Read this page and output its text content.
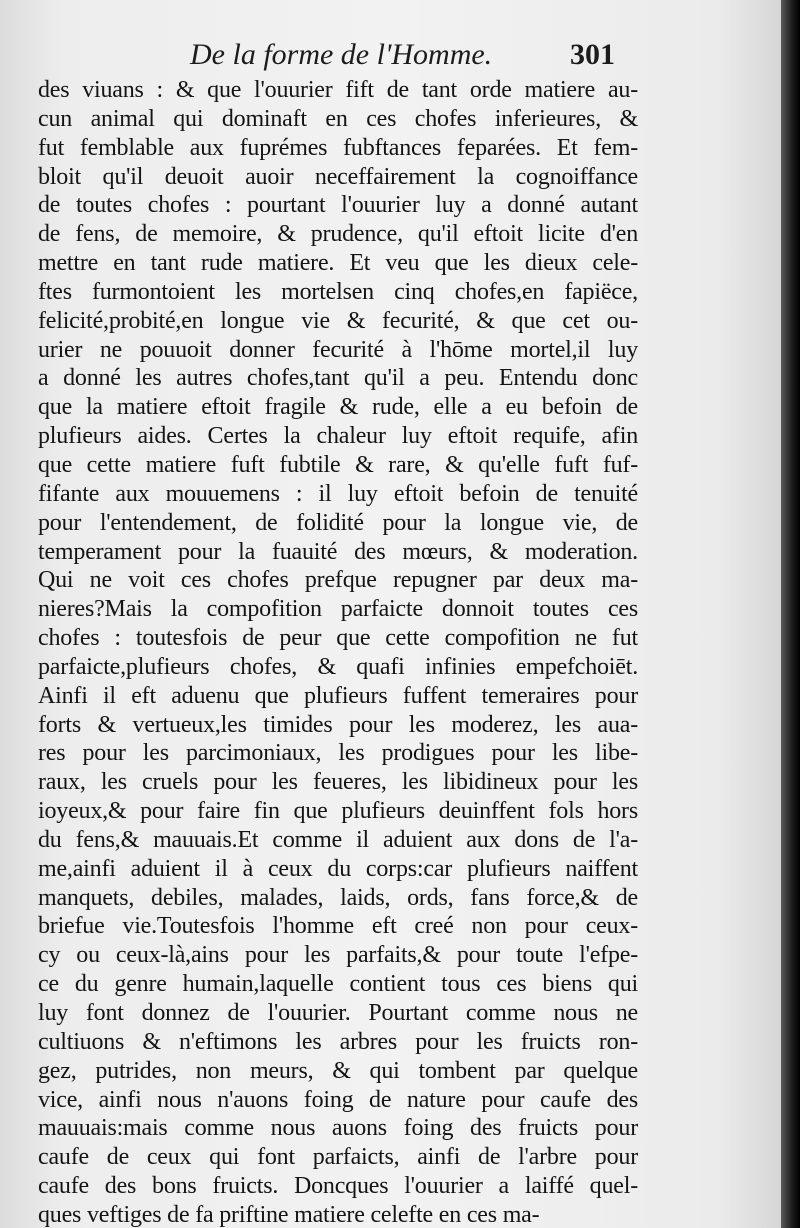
De la forme de l'Homme.	301
des viuans : & que l'ouurier fift de tant orde matiere au-
cun animal qui dominaft en ces chofes inferieures, &
fut femblable aux fuprémes fubftances feparées. Et fem-
bloit qu'il deuoit auoir neceffairement la cognoiffance
de toutes chofes : pourtant l'ouurier luy a donné autant
de fens, de memoire, & prudence, qu'il eftoit licite d'en
mettre en tant rude matiere. Et veu que les dieux cele-
ftes furmontoient les mortelsen cinq chofes,en fapiëce,
felicité,probité,en longue vie & fecurité, & que cet ou-
urier ne pouuoit donner fecurité à l'hōme mortel,il luy
a donné les autres chofes,tant qu'il a peu. Entendu donc
que la matiere eftoit fragile & rude, elle a eu befoin de
plufieurs aides. Certes la chaleur luy eftoit requife, afin
que cette matiere fuft fubtile & rare, & qu'elle fuft fuf-
fifante aux mouuemens : il luy eftoit befoin de tenuité
pour l'entendement, de folidité pour la longue vie, de
temperament pour la fuauité des mœurs, & moderation.
Qui ne voit ces chofes prefque repugner par deux ma-
nieres?Mais la compofition parfaicte donnoit toutes ces
chofes : toutesfois de peur que cette compofition ne fut
parfaicte,plufieurs chofes, & quafi infinies empefchoiēt.
Ainfi il eft aduenu que plufieurs fuffent temeraires pour
forts & vertueux,les timides pour les moderez, les aua-
res pour les parcimoniaux, les prodigues pour les libe-
raux, les cruels pour les feueres, les libidineux pour les
ioyeux,& pour faire fin que plufieurs deuinffent fols hors
du fens,& mauuais.Et comme il aduient aux dons de l'a-
me,ainfi aduient il à ceux du corps:car plufieurs naiffent
manquets, debiles, malades, laids, ords, fans force,& de
briefue vie.Toutesfois l'homme eft creé non pour ceux-
cy ou ceux-là,ains pour les parfaits,& pour toute l'efpe-
ce du genre humain,laquelle contient tous ces biens qui
luy font donnez de l'ouurier. Pourtant comme nous ne
cultiuons & n'eftimons les arbres pour les fruicts ron-
gez, putrides, non meurs, & qui tombent par quelque
vice, ainfi nous n'auons foing de nature pour caufe des
mauuais:mais comme nous auons foing des fruicts pour
caufe de ceux qui font parfaicts, ainfi de l'arbre pour
caufe des bons fruicts. Doncques l'ouurier a laiffé quel-
ques veftiges de fa priftine matiere celefte en ces ma-
